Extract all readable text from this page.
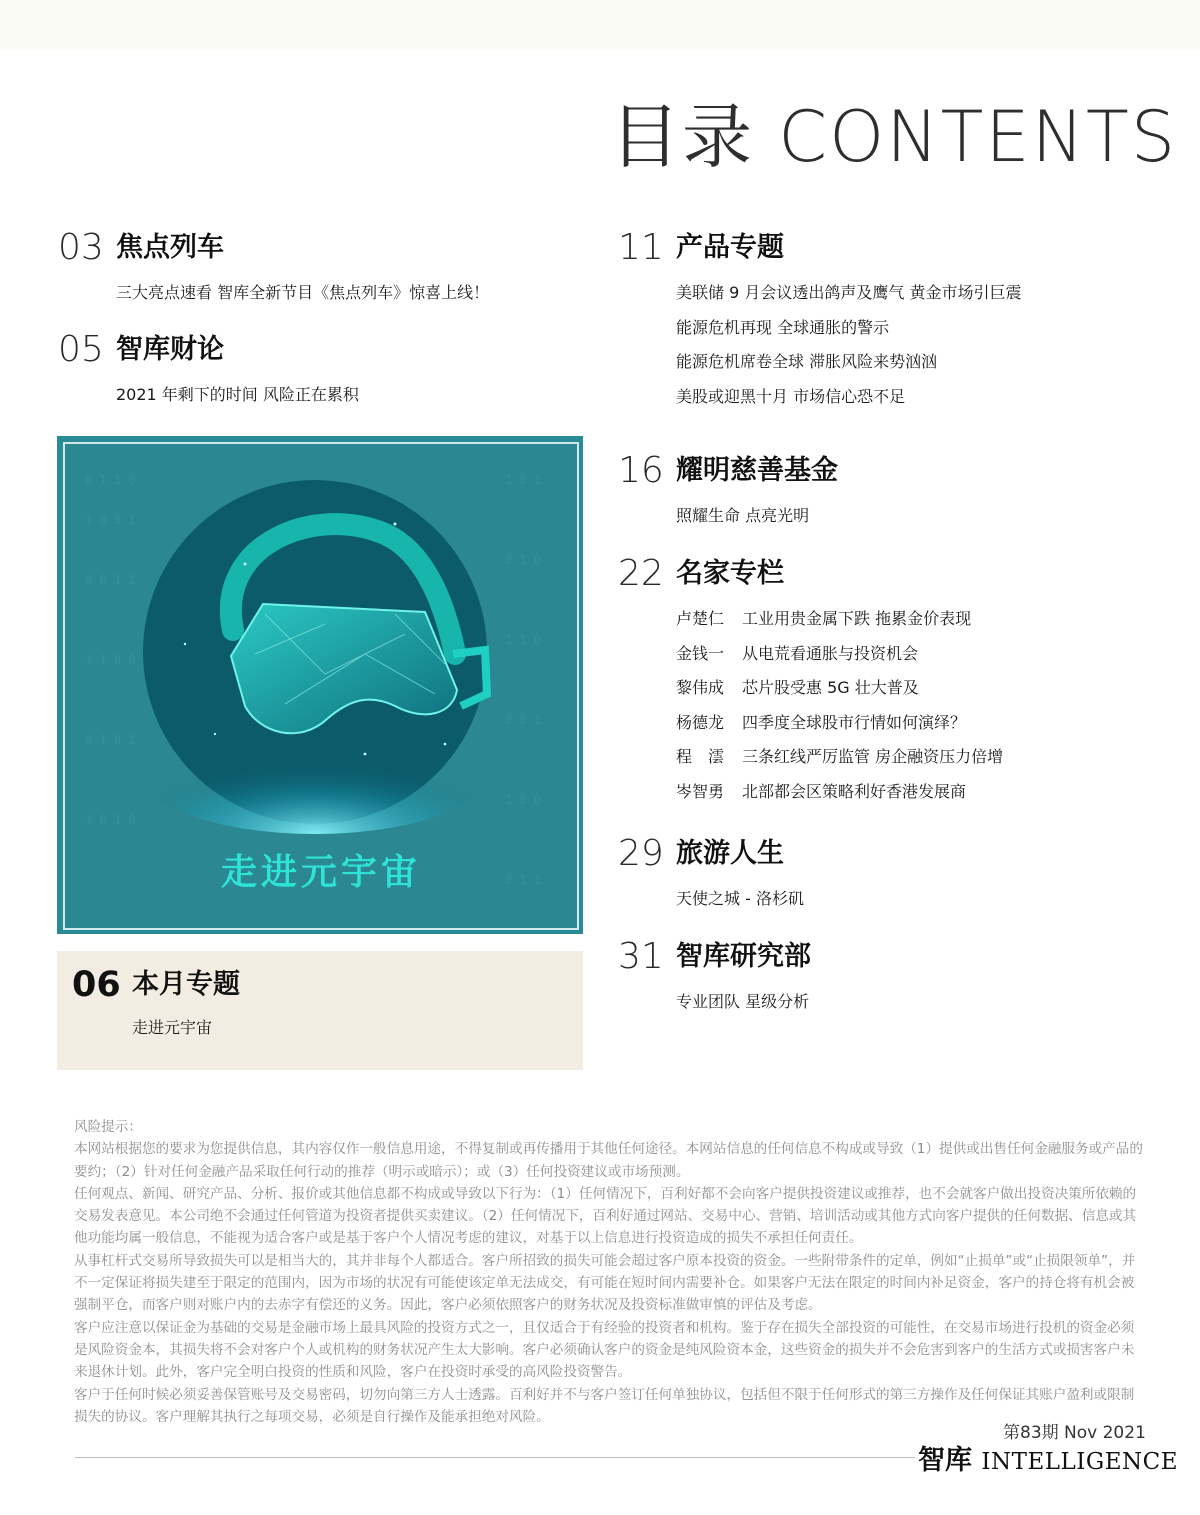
目录 CONTENTS
03 焦点列车
三大亮点速看 智库全新节目《焦点列车》惊喜上线！
05 智库财论
2021 年剩下的时间 风险正在累积
0 1 1 0
1 0 0 1
0 0 1 1
1 1 0 0
0 1 0 1
1 0 1 0
1 0 1
0 1 0
1 1 0
0 0 1
1 0 0
0 1 1
走进元宇宙
06 本月专题
走进元宇宙
11 产品专题
美联储 9 月会议透出鸽声及鹰气 黄金市场引巨震
能源危机再现 全球通胀的警示
能源危机席卷全球 滞胀风险来势汹汹
美股或迎黑十月 市场信心恐不足
16 耀明慈善基金
照耀生命 点亮光明
22 名家专栏
卢楚仁 工业用贵金属下跌 拖累金价表现
金钱一 从电荒看通胀与投资机会
黎伟成 芯片股受惠 5G 壮大普及
杨德龙 四季度全球股市行情如何演绎？
程　澐 三条红线严厉监管 房企融资压力倍增
岑智勇 北部都会区策略利好香港发展商
29 旅游人生
天使之城 - 洛杉矶
31 智库研究部
专业团队 星级分析

风险提示：

本网站根据您的要求为您提供信息，其内容仅作一般信息用途，不得复制或再传播用于其他任何途径。本网站信息的任何信息不构成或导致（1）提供或出售任何金融服务或产品的要约；（2）针对任何金融产品采取任何行动的推荐（明示或暗示）；或（3）任何投资建议或市场预测。

任何观点、新闻、研究产品、分析、报价或其他信息都不构成或导致以下行为：（1）任何情况下，百利好都不会向客户提供投资建议或推荐，也不会就客户做出投资决策所依赖的交易发表意见。本公司绝不会通过任何管道为投资者提供买卖建议。（2）任何情况下，百利好通过网站、交易中心、营销、培训活动或其他方式向客户提供的任何数据、信息或其他功能均属一般信息，不能视为适合客户或是基于客户个人情况考虑的建议，对基于以上信息进行投资造成的损失不承担任何责任。

从事杠杆式交易所导致损失可以是相当大的，其并非每个人都适合。客户所招致的损失可能会超过客户原本投资的资金。一些附带条件的定单，例如“止损单”或“止损限领单”，并不一定保证将损失建至于限定的范围内，因为市场的状况有可能使该定单无法成交，有可能在短时间内需要补仓。如果客户无法在限定的时间内补足资金，客户的持仓将有机会被强制平仓，而客户则对账户内的去赤字有偿还的义务。因此，客户必须依照客户的财务状况及投资标准做审慎的评估及考虑。

客户应注意以保证金为基础的交易是金融市场上最具风险的投资方式之一，且仅适合于有经验的投资者和机构。鉴于存在损失全部投资的可能性，在交易市场进行投机的资金必须是风险资金本，其损失将不会对客户个人或机构的财务状况产生太大影响。客户必须确认客户的资金是纯风险资本金，这些资金的损失并不会危害到客户的生活方式或损害客户未来退休计划。此外，客户完全明白投资的性质和风险，客户在投资时承受的高风险投资警告。

客户于任何时候必须妥善保管账号及交易密码，切勿向第三方人士透露。百利好并不与客户签订任何单独协议，包括但不限于任何形式的第三方操作及任何保证其账户盈利或限制损失的协议。客户理解其执行之每项交易，必须是自行操作及能承担绝对风险。

第83期 Nov 2021
智库 INTELLIGENCE
